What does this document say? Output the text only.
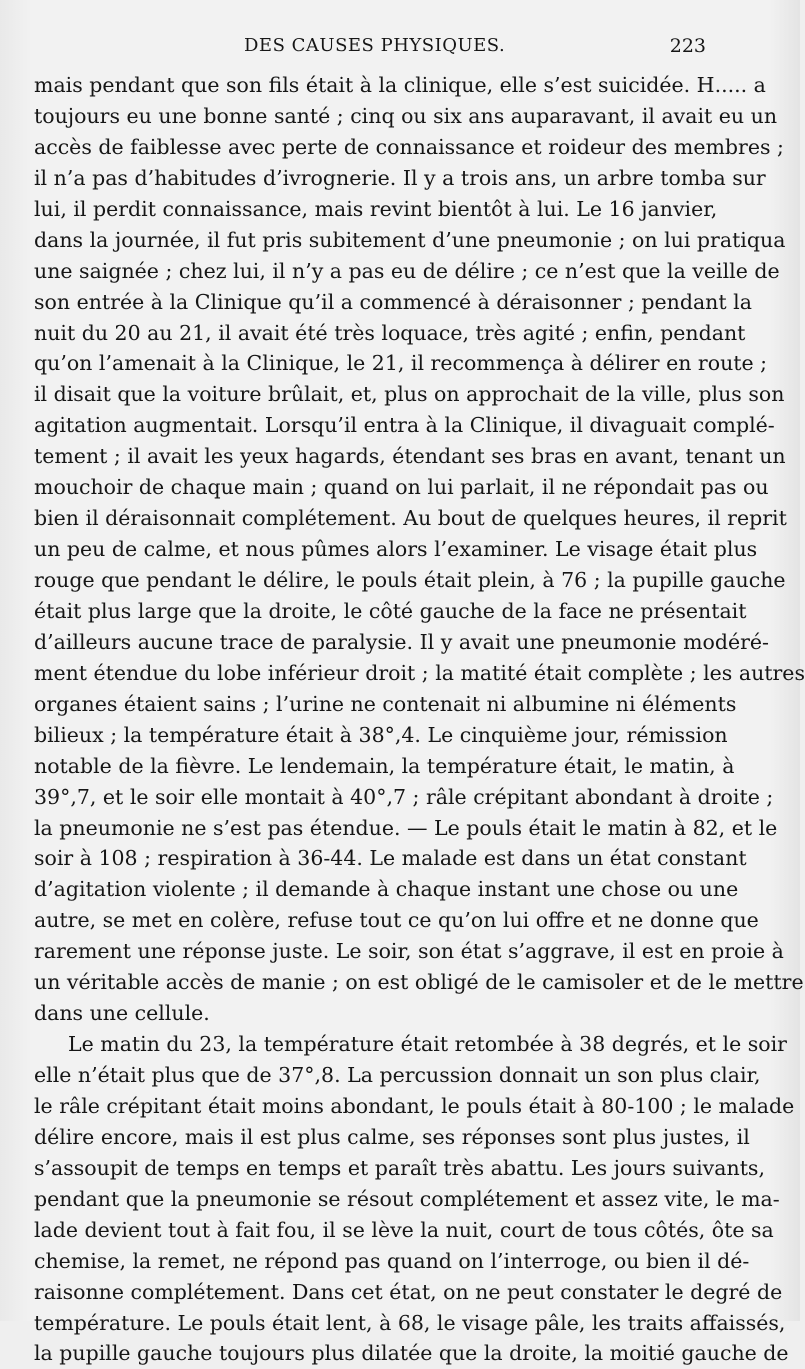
DES CAUSES PHYSIQUES.	223
mais pendant que son fils était à la clinique, elle s’est suicidée. H..... a
toujours eu une bonne santé ; cinq ou six ans auparavant, il avait eu un
accès de faiblesse avec perte de connaissance et roideur des membres ;
il n’a pas d’habitudes d’ivrognerie. Il y a trois ans, un arbre tomba sur
lui, il perdit connaissance, mais revint bientôt à lui. Le 16 janvier,
dans la journée, il fut pris subitement d’une pneumonie ; on lui pratiqua
une saignée ; chez lui, il n’y a pas eu de délire ; ce n’est que la veille de
son entrée à la Clinique qu’il a commencé à déraisonner ; pendant la
nuit du 20 au 21, il avait été très loquace, très agité ; enfin, pendant
qu’on l’amenait à la Clinique, le 21, il recommença à délirer en route ;
il disait que la voiture brûlait, et, plus on approchait de la ville, plus son
agitation augmentait. Lorsqu’il entra à la Clinique, il divaguait complé-
tement ; il avait les yeux hagards, étendant ses bras en avant, tenant un
mouchoir de chaque main ; quand on lui parlait, il ne répondait pas ou
bien il déraisonnait complétement. Au bout de quelques heures, il reprit
un peu de calme, et nous pûmes alors l’examiner. Le visage était plus
rouge que pendant le délire, le pouls était plein, à 76 ; la pupille gauche
était plus large que la droite, le côté gauche de la face ne présentait
d’ailleurs aucune trace de paralysie. Il y avait une pneumonie modéré-
ment étendue du lobe inférieur droit ; la matité était complète ; les autres
organes étaient sains ; l’urine ne contenait ni albumine ni éléments
bilieux ; la température était à 38°,4. Le cinquième jour, rémission
notable de la fièvre. Le lendemain, la température était, le matin, à
39°,7, et le soir elle montait à 40°,7 ; râle crépitant abondant à droite ;
la pneumonie ne s’est pas étendue. — Le pouls était le matin à 82, et le
soir à 108 ; respiration à 36-44. Le malade est dans un état constant
d’agitation violente ; il demande à chaque instant une chose ou une
autre, se met en colère, refuse tout ce qu’on lui offre et ne donne que
rarement une réponse juste. Le soir, son état s’aggrave, il est en proie à
un véritable accès de manie ; on est obligé de le camisoler et de le mettre
dans une cellule.
Le matin du 23, la température était retombée à 38 degrés, et le soir
elle n’était plus que de 37°,8. La percussion donnait un son plus clair,
le râle crépitant était moins abondant, le pouls était à 80-100 ; le malade
délire encore, mais il est plus calme, ses réponses sont plus justes, il
s’assoupit de temps en temps et paraît très abattu. Les jours suivants,
pendant que la pneumonie se résout complétement et assez vite, le ma-
lade devient tout à fait fou, il se lève la nuit, court de tous côtés, ôte sa
chemise, la remet, ne répond pas quand on l’interroge, ou bien il dé-
raisonne complétement. Dans cet état, on ne peut constater le degré de
température. Le pouls était lent, à 68, le visage pâle, les traits affaissés,
la pupille gauche toujours plus dilatée que la droite, la moitié gauche de
